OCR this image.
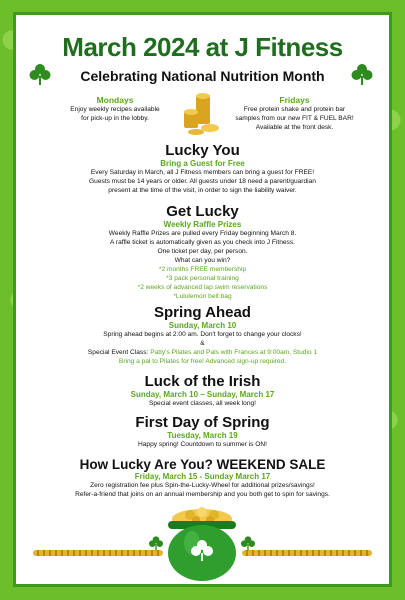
March 2024 at J Fitness
Celebrating National Nutrition Month
Mondays
Enjoy weekly recipes available
for pick-up in the lobby.
Fridays
Free protein shake and protein bar
samples from our new FIT & FUEL BAR!
Available at the front desk.
Lucky You
Bring a Guest for Free
Every Saturday in March, all J Fitness members can bring a guest for FREE!
Guests must be 14 years or older. All guests under 18 need a parent/guardian
present at the time of the visit, in order to sign the liability waiver.
Get Lucky
Weekly Raffle Prizes
Weekly Raffle Prizes are pulled every Friday beginning March 8.
A raffle ticket is automatically given as you check into J Fitness.
One ticket per day, per person.
What can you win?
*2 months FREE membership
*3 pack personal training
*2 weeks of advanced lap swim reservations
*Lululemon belt bag
Spring Ahead
Sunday, March 10
Spring ahead begins at 2:00 am. Don't forget to change your clocks!
&
Special Event Class: Patty's Pilates and Pals with Frances at 9:00am, Studio 1
Bring a pal to Pilates for free! Advanced sign-up required.
Luck of the Irish
Sunday, March 10 – Sunday, March 17
Special event classes, all week long!
First Day of Spring
Tuesday, March 19
Happy spring! Countdown to summer is ON!
How Lucky Are You? WEEKEND SALE
Friday, March 15 - Sunday March 17
Zero registration fee plus Spin-the-Lucky-Wheel for additional prizes/savings!
Refer-a-friend that joins on an annual membership and you both get to spin for savings.
